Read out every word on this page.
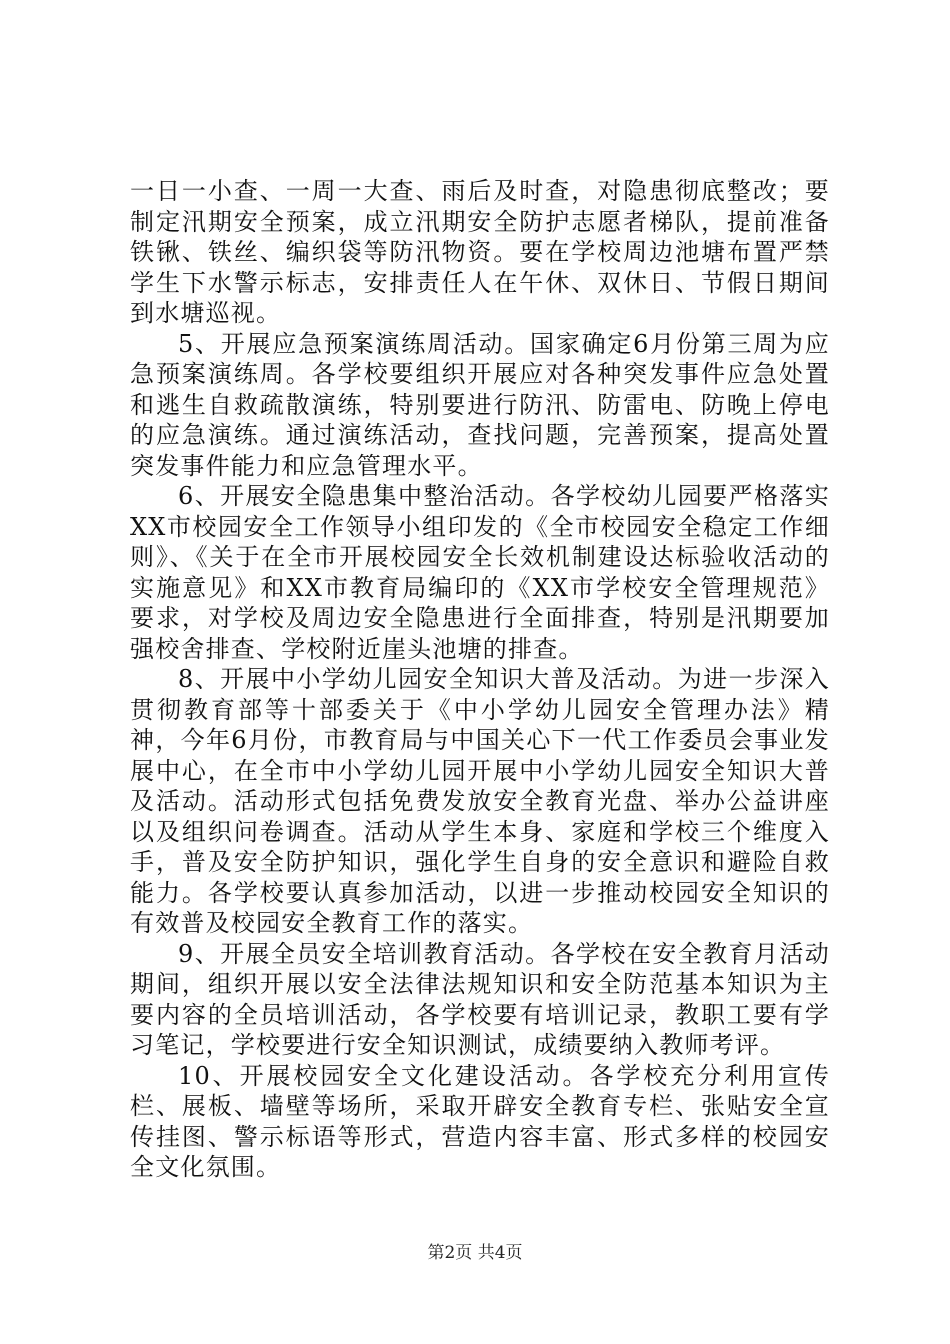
一日一小查、一周一大查、雨后及时查，对隐患彻底整改；要制定汛期安全预案，成立汛期安全防护志愿者梯队，提前准备铁锹、铁丝、编织袋等防汛物资。要在学校周边池塘布置严禁学生下水警示标志，安排责任人在午休、双休日、节假日期间到水塘巡视。

5、开展应急预案演练周活动。国家确定6月份第三周为应急预案演练周。各学校要组织开展应对各种突发事件应急处置和逃生自救疏散演练，特别要进行防汛、防雷电、防晚上停电的应急演练。通过演练活动，查找问题，完善预案，提高处置突发事件能力和应急管理水平。

6、开展安全隐患集中整治活动。各学校幼儿园要严格落实XX市校园安全工作领导小组印发的《全市校园安全稳定工作细则》、《关于在全市开展校园安全长效机制建设达标验收活动的实施意见》和XX市教育局编印的《XX市学校安全管理规范》要求，对学校及周边安全隐患进行全面排查，特别是汛期要加强校舍排查、学校附近崖头池塘的排查。

8、开展中小学幼儿园安全知识大普及活动。为进一步深入贯彻教育部等十部委关于《中小学幼儿园安全管理办法》精神，今年6月份，市教育局与中国关心下一代工作委员会事业发展中心，在全市中小学幼儿园开展中小学幼儿园安全知识大普及活动。活动形式包括免费发放安全教育光盘、举办公益讲座以及组织问卷调查。活动从学生本身、家庭和学校三个维度入手，普及安全防护知识，强化学生自身的安全意识和避险自救能力。各学校要认真参加活动，以进一步推动校园安全知识的有效普及校园安全教育工作的落实。

9、开展全员安全培训教育活动。各学校在安全教育月活动期间，组织开展以安全法律法规知识和安全防范基本知识为主要内容的全员培训活动，各学校要有培训记录，教职工要有学习笔记，学校要进行安全知识测试，成绩要纳入教师考评。

10、开展校园安全文化建设活动。各学校充分利用宣传栏、展板、墙壁等场所，采取开辟安全教育专栏、张贴安全宣传挂图、警示标语等形式，营造内容丰富、形式多样的校园安全文化氛围。

第2页 共4页
